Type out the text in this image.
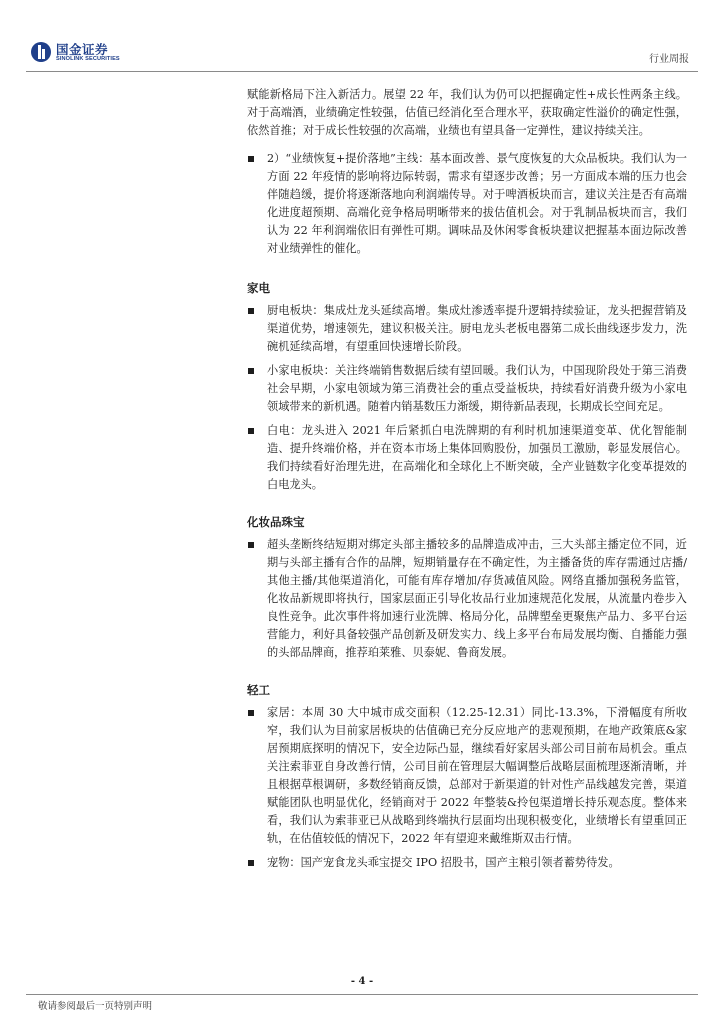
国金证券
SINOLINK SECURITIES	行业周报

赋能新格局下注入新活力。展望 22 年，我们认为仍可以把握确定性+成长性两条主线。对于高端酒，业绩确定性较强，估值已经消化至合理水平，获取确定性溢价的确定性强，依然首推；对于成长性较强的次高端，业绩也有望具备一定弹性，建议持续关注。

2）“业绩恢复+提价落地”主线：基本面改善、景气度恢复的大众品板块。我们认为一方面 22 年疫情的影响将边际转弱，需求有望逐步改善；另一方面成本端的压力也会伴随趋缓，提价将逐渐落地向利润端传导。对于啤酒板块而言，建议关注是否有高端化进度超预期、高端化竞争格局明晰带来的拔估值机会。对于乳制品板块而言，我们认为 22 年利润端依旧有弹性可期。调味品及休闲零食板块建议把握基本面边际改善对业绩弹性的催化。

家电

厨电板块：集成灶龙头延续高增。集成灶渗透率提升逻辑持续验证，龙头把握营销及渠道优势，增速领先，建议积极关注。厨电龙头老板电器第二成长曲线逐步发力，洗碗机延续高增，有望重回快速增长阶段。

小家电板块：关注终端销售数据后续有望回暖。我们认为，中国现阶段处于第三消费社会早期，小家电领域为第三消费社会的重点受益板块，持续看好消费升级为小家电领域带来的新机遇。随着内销基数压力渐缓，期待新品表现，长期成长空间充足。

白电：龙头进入 2021 年后紧抓白电洗牌期的有利时机加速渠道变革、优化智能制造、提升终端价格，并在资本市场上集体回购股份，加强员工激励，彰显发展信心。我们持续看好治理先进，在高端化和全球化上不断突破，全产业链数字化变革提效的白电龙头。

化妆品珠宝

超头垄断终结短期对绑定头部主播较多的品牌造成冲击，三大头部主播定位不同，近期与头部主播有合作的品牌，短期销量存在不确定性，为主播备货的库存需通过店播/其他主播/其他渠道消化，可能有库存增加/存货减值风险。网络直播加强税务监管，化妆品新规即将执行，国家层面正引导化妆品行业加速规范化发展，从流量内卷步入良性竞争。此次事件将加速行业洗牌、格局分化，品牌塑垒更聚焦产品力、多平台运营能力，利好具备较强产品创新及研发实力、线上多平台布局发展均衡、自播能力强的头部品牌商，推荐珀莱雅、贝泰妮、鲁商发展。

轻工

家居：本周 30 大中城市成交面积（12.25-12.31）同比-13.3%，下滑幅度有所收窄，我们认为目前家居板块的估值确已充分反应地产的悲观预期，在地产政策底&家居预期底探明的情况下，安全边际凸显，继续看好家居头部公司目前布局机会。重点关注索菲亚自身改善行情，公司目前在管理层大幅调整后战略层面梳理逐渐清晰，并且根据草根调研，多数经销商反馈，总部对于新渠道的针对性产品线越发完善，渠道赋能团队也明显优化，经销商对于 2022 年整装&拎包渠道增长持乐观态度。整体来看，我们认为索菲亚已从战略到终端执行层面均出现积极变化，业绩增长有望重回正轨，在估值较低的情况下，2022 年有望迎来戴维斯双击行情。

宠物：国产宠食龙头乖宝提交 IPO 招股书，国产主粮引领者蓄势待发。

- 4 -
敬请参阅最后一页特别声明
